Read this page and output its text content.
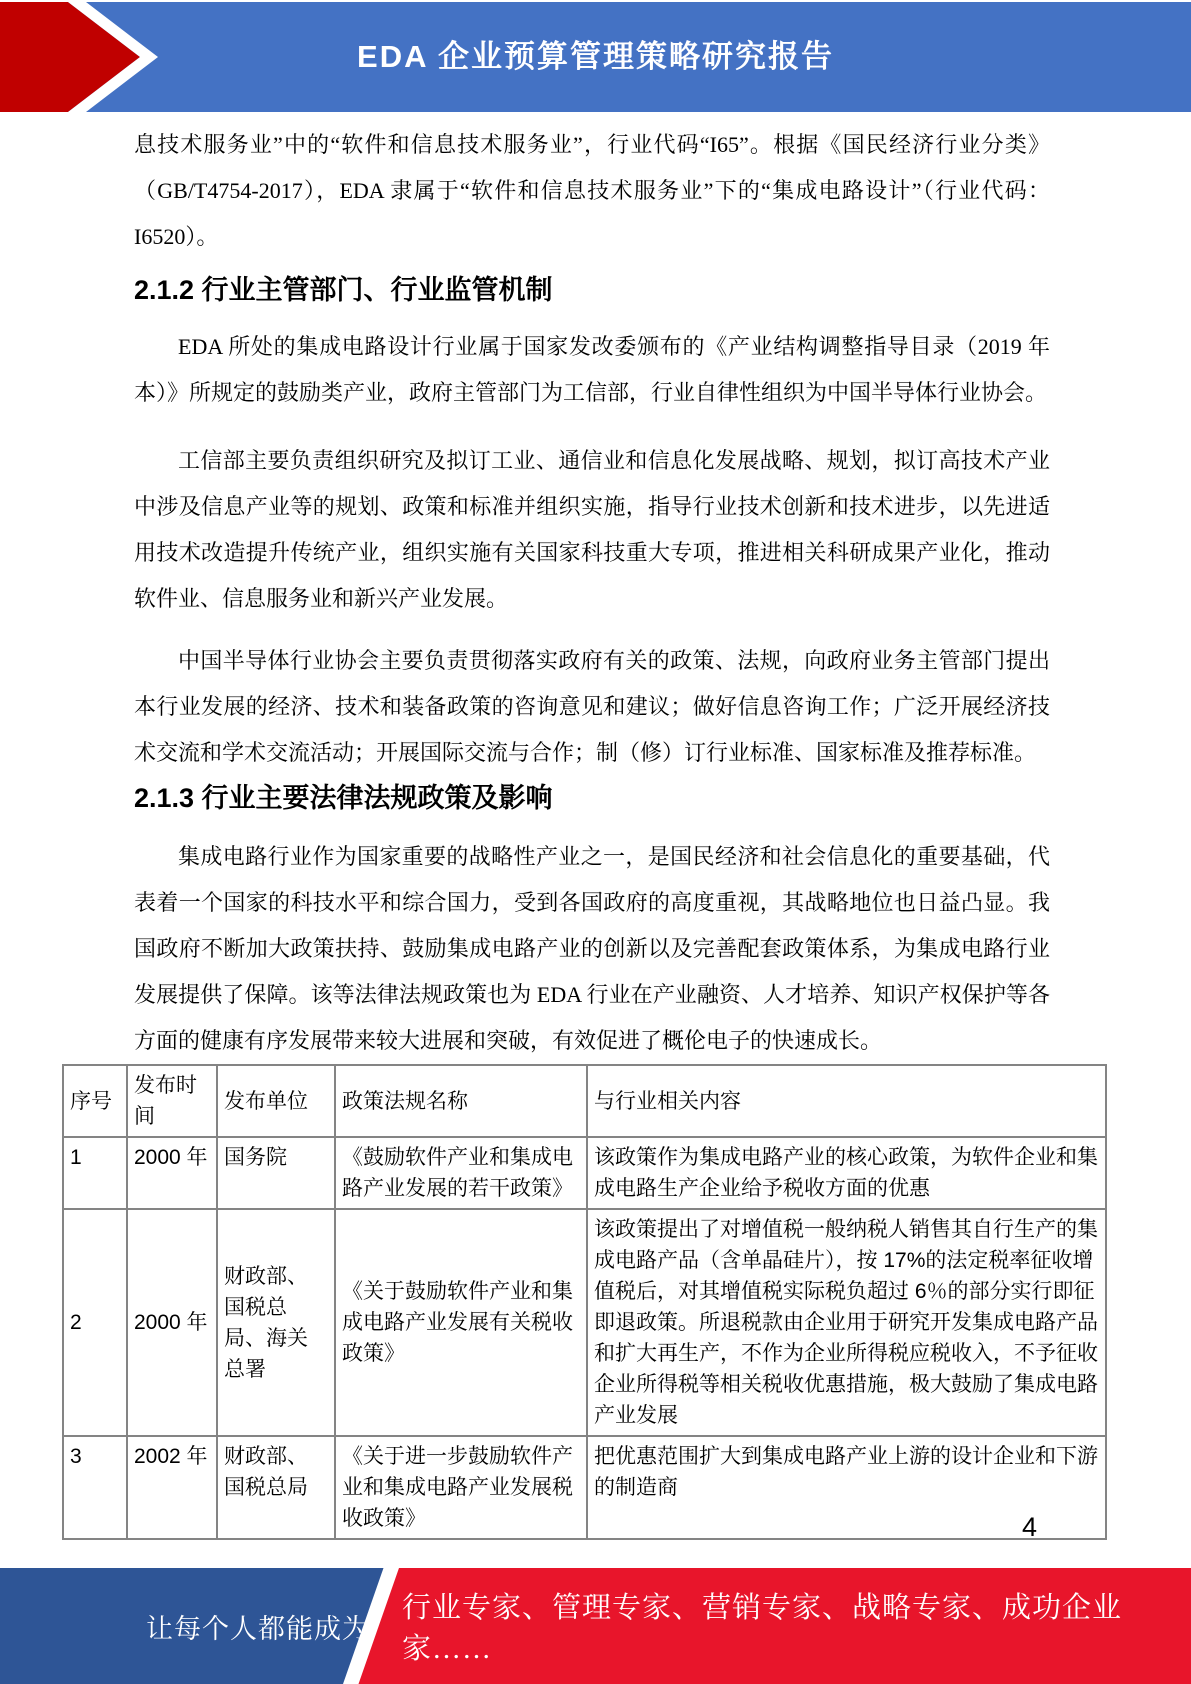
EDA 企业预算管理策略研究报告

息技术服务业”中的“软件和信息技术服务业”，行业代码“I65”。根据《国民经济行业分类》（GB/T4754-2017），EDA 隶属于“软件和信息技术服务业”下的“集成电路设计”（行业代码：I6520）。

2.1.2 行业主管部门、行业监管机制

EDA 所处的集成电路设计行业属于国家发改委颁布的《产业结构调整指导目录（2019 年本）》所规定的鼓励类产业，政府主管部门为工信部，行业自律性组织为中国半导体行业协会。

工信部主要负责组织研究及拟订工业、通信业和信息化发展战略、规划，拟订高技术产业中涉及信息产业等的规划、政策和标准并组织实施，指导行业技术创新和技术进步，以先进适用技术改造提升传统产业，组织实施有关国家科技重大专项，推进相关科研成果产业化，推动软件业、信息服务业和新兴产业发展。

中国半导体行业协会主要负责贯彻落实政府有关的政策、法规，向政府业务主管部门提出本行业发展的经济、技术和装备政策的咨询意见和建议；做好信息咨询工作；广泛开展经济技术交流和学术交流活动；开展国际交流与合作；制（修）订行业标准、国家标准及推荐标准。

2.1.3 行业主要法律法规政策及影响

集成电路行业作为国家重要的战略性产业之一，是国民经济和社会信息化的重要基础，代表着一个国家的科技水平和综合国力，受到各国政府的高度重视，其战略地位也日益凸显。我国政府不断加大政策扶持、鼓励集成电路产业的创新以及完善配套政策体系，为集成电路行业发展提供了保障。该等法律法规政策也为 EDA 行业在产业融资、人才培养、知识产权保护等各方面的健康有序发展带来较大进展和突破，有效促进了概伦电子的快速成长。

序号	发布时间	发布单位	政策法规名称	与行业相关内容
1	2000 年	国务院	《鼓励软件产业和集成电路产业发展的若干政策》	该政策作为集成电路产业的核心政策，为软件企业和集成电路生产企业给予税收方面的优惠
2	2000 年	财政部、国税总局、海关总署	《关于鼓励软件产业和集成电路产业发展有关税收政策》	该政策提出了对增值税一般纳税人销售其自行生产的集成电路产品（含单晶硅片），按 17%的法定税率征收增值税后，对其增值税实际税负超过 6％的部分实行即征即退政策。所退税款由企业用于研究开发集成电路产品和扩大再生产，不作为企业所得税应税收入，不予征收企业所得税等相关税收优惠措施，极大鼓励了集成电路产业发展
3	2002 年	财政部、国税总局	《关于进一步鼓励软件产业和集成电路产业发展税收政策》	把优惠范围扩大到集成电路产业上游的设计企业和下游的制造商
4
让每个人都能成为
行业专家、管理专家、营销专家、战略专家、成功企业家……
